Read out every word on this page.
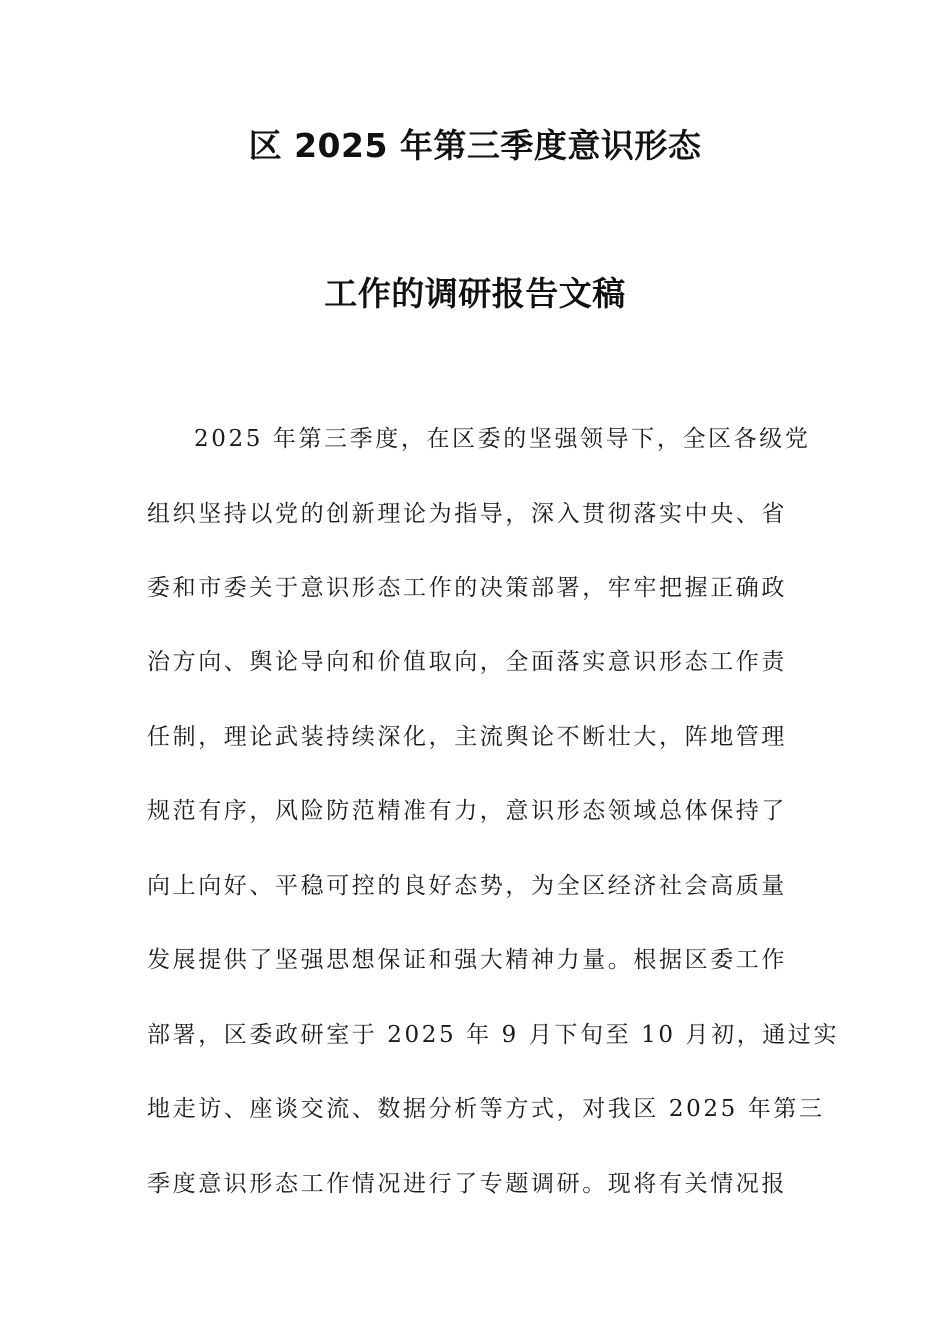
区 2025 年第三季度意识形态
工作的调研报告文稿
2025 年第三季度，在区委的坚强领导下，全区各级党
组织坚持以党的创新理论为指导，深入贯彻落实中央、省
委和市委关于意识形态工作的决策部署，牢牢把握正确政
治方向、舆论导向和价值取向，全面落实意识形态工作责
任制，理论武装持续深化，主流舆论不断壮大，阵地管理
规范有序，风险防范精准有力，意识形态领域总体保持了
向上向好、平稳可控的良好态势，为全区经济社会高质量
发展提供了坚强思想保证和强大精神力量。根据区委工作
部署，区委政研室于 2025 年 9 月下旬至 10 月初，通过实
地走访、座谈交流、数据分析等方式，对我区 2025 年第三
季度意识形态工作情况进行了专题调研。现将有关情况报
